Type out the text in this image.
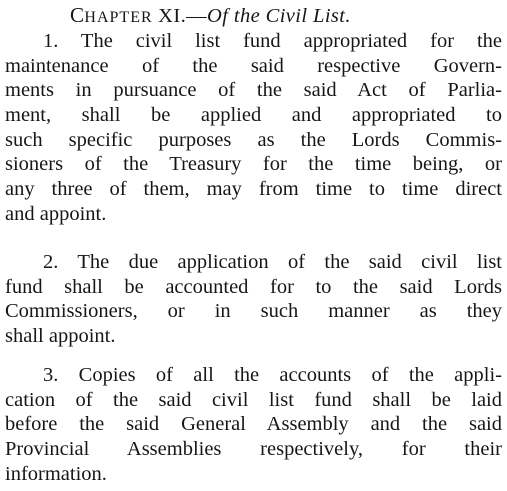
CHAPTER XI.—Of the Civil List.
1. The civil list fund appropriated for the
maintenance of the said respective Govern-
ments in pursuance of the said Act of Parlia-
ment, shall be applied and appropriated to
such specific purposes as the Lords Commis-
sioners of the Treasury for the time being, or
any three of them, may from time to time direct
and appoint.
2. The due application of the said civil list
fund shall be accounted for to the said Lords
Commissioners, or in such manner as they
shall appoint.
3. Copies of all the accounts of the appli-
cation of the said civil list fund shall be laid
before the said General Assembly and the said
Provincial Assemblies respectively, for their
information.
